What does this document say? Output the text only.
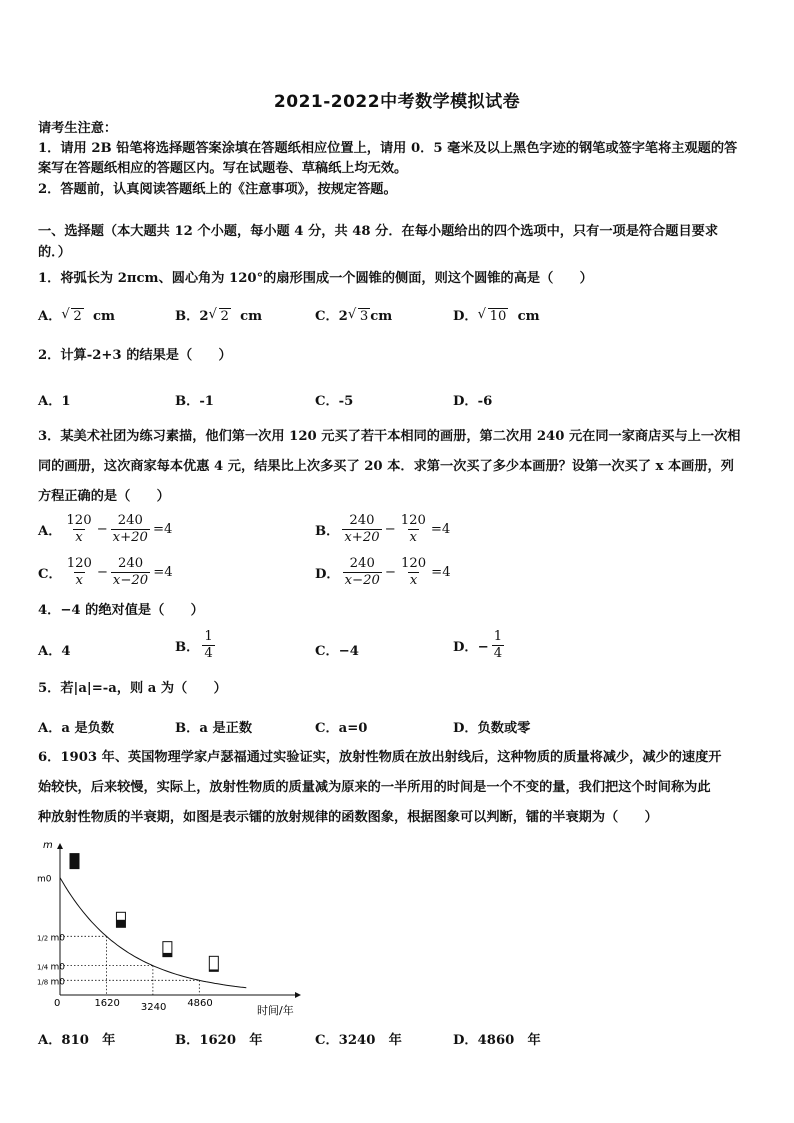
2021-2022中考数学模拟试卷
请考生注意：
1．请用 2B 铅笔将选择题答案涂填在答题纸相应位置上，请用 0．5 毫米及以上黑色字迹的钢笔或签字笔将主观题的答
案写在答题纸相应的答题区内。写在试题卷、草稿纸上均无效。
2．答题前，认真阅读答题纸上的《注意事项》，按规定答题。
一、选择题（本大题共 12 个小题，每小题 4 分，共 48 分．在每小题给出的四个选项中，只有一项是符合题目要求
的．）
1．将弧长为 2πcm、圆心角为 120°的扇形围成一个圆锥的侧面，则这个圆锥的高是（　　）
A． √ 2 cm	B．2 √ 2 cm	C．2 √ 3 cm	D． √ 10 cm
2．计算-2+3 的结果是（　　）
A．1	B．-1	C．-5	D．-6
3．某美术社团为练习素描，他们第一次用 120 元买了若干本相同的画册，第二次用 240 元在同一家商店买与上一次相
同的画册，这次商家每本优惠 4 元，结果比上次多买了 20 本．求第一次买了多少本画册？设第一次买了 x 本画册，列
方程正确的是（　　）
A． $\frac{120}{x} - \frac{240}{x+20} =4$	B． $\frac{240}{x+20} - \frac{120}{x} =4$
C． $\frac{120}{x} - \frac{240}{x-20} =4$	D． $\frac{240}{x-20} - \frac{120}{x} =4$
4．−4 的绝对值是（　　）
A．4	B． $\frac{1}{4}$	C．−4	D．− $\frac{1}{4}$
5．若|a|=-a，则 a 为（　　）
A．a 是负数	B．a 是正数	C．a=0	D．负数或零
6．1903 年、英国物理学家卢瑟福通过实验证实，放射性物质在放出射线后，这种物质的质量将减少，减少的速度开
始较快，后来较慢，实际上，放射性物质的质量减为原来的一半所用的时间是一个不变的量，我们把这个时间称为此
种放射性物质的半衰期，如图是表示镭的放射规律的函数图象，根据图象可以判断，镭的半衰期为（　　）
m
时间/年
0	1620 3240 4860
m0
1/2 m0
1/4 m0
1/8 m0
A．810　年	B．1620　年	C．3240　年	D．4860　年
